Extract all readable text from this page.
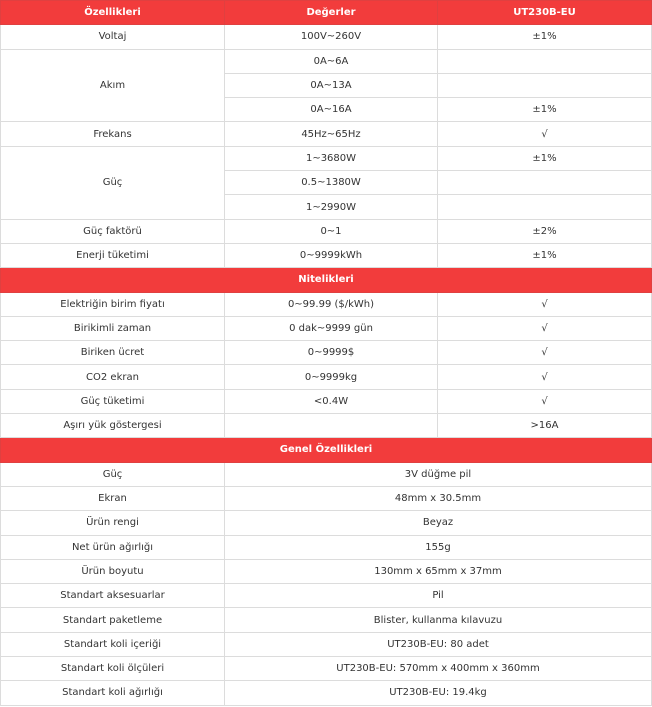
Özellikleri	Değerler	UT230B-EU
Voltaj	100V~260V	±1%
Akım	0A~6A	
	0A~13A	
	0A~16A	±1%
Frekans	45Hz~65Hz	√
Güç	1~3680W	±1%
	0.5~1380W	
	1~2990W	
Güç faktörü	0~1	±2%
Enerji tüketimi	0~9999kWh	±1%
Nitelikleri		
Elektriğin birim fiyatı	0~99.99 ($/kWh)	√
Birikimli zaman	0 dak~9999 gün	√
Biriken ücret	0~9999$	√
CO2 ekran	0~9999kg	√
Güç tüketimi	<0.4W	√
Aşırı yük göstergesi		>16A
Genel Özellikleri		
Güç	3V düğme pil	
Ekran	48mm x 30.5mm	
Ürün rengi	Beyaz	
Net ürün ağırlığı	155g	
Ürün boyutu	130mm x 65mm x 37mm	
Standart aksesuarlar	Pil	
Standart paketleme	Blister, kullanma kılavuzu	
Standart koli içeriği	UT230B-EU: 80 adet	
Standart koli ölçüleri	UT230B-EU: 570mm x 400mm x 360mm	
Standart koli ağırlığı	UT230B-EU: 19.4kg	
